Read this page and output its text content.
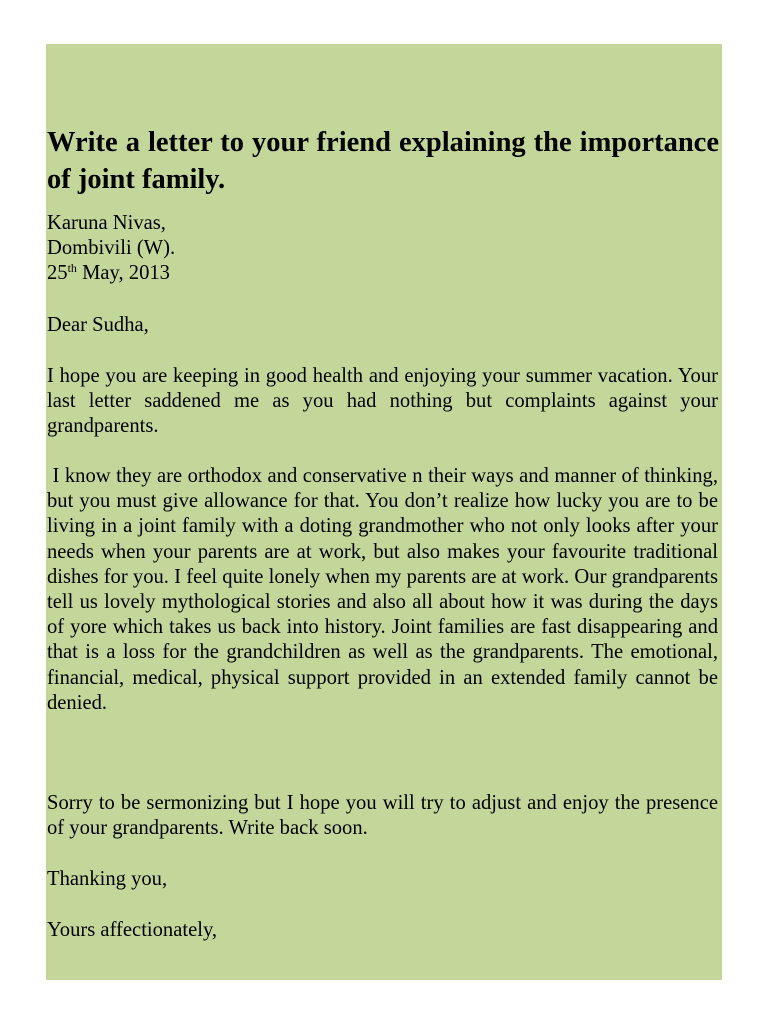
Write a letter to your friend explaining the importance of joint family.
Karuna Nivas,
Dombivili (W).
25th May, 2013

Dear Sudha,

I hope you are keeping in good health and enjoying your summer vacation. Your last letter saddened me as you had nothing but complaints against your grandparents.

I know they are orthodox and conservative n their ways and manner of thinking, but you must give allowance for that. You don’t realize how lucky you are to be living in a joint family with a doting grandmother who not only looks after your needs when your parents are at work, but also makes your favourite traditional dishes for you. I feel quite lonely when my parents are at work. Our grandparents tell us lovely mythological stories and also all about how it was during the days of yore which takes us back into history. Joint families are fast disappearing and that is a loss for the grandchildren as well as the grandparents. The emotional, financial, medical, physical support provided in an extended family cannot be denied.

Sorry to be sermonizing but I hope you will try to adjust and enjoy the presence of your grandparents. Write back soon.

Thanking you,

Yours affectionately,
